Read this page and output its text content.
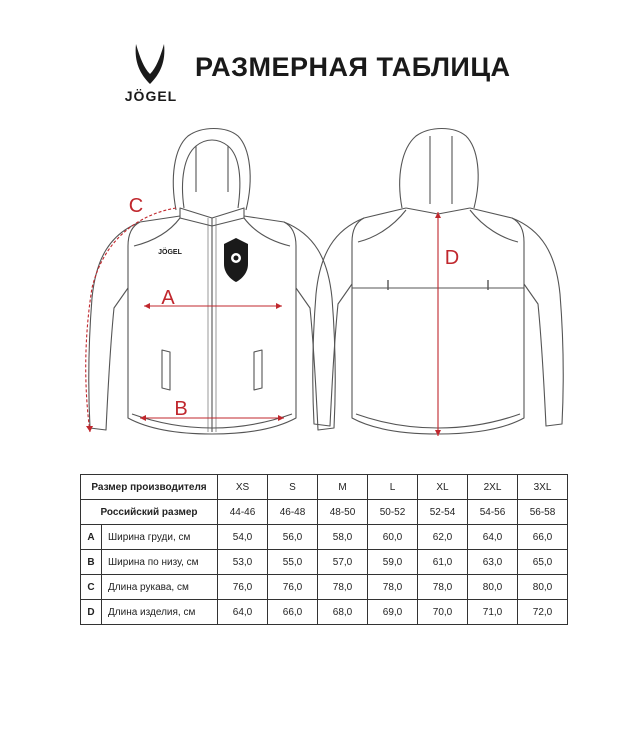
JÖGEL
РАЗМЕРНАЯ ТАБЛИЦА
JÖGEL
A
B
C
D
Размер производителя		XS	S	M	L	XL	2XL	3XL
Российский размер		44-46	46-48	48-50	50-52	52-54	54-56	56-58
A	Ширина груди, см	54,0	56,0	58,0	60,0	62,0	64,0	66,0
B	Ширина по низу, см	53,0	55,0	57,0	59,0	61,0	63,0	65,0
C	Длина рукава, см	76,0	76,0	78,0	78,0	78,0	80,0	80,0
D	Длина изделия, см	64,0	66,0	68,0	69,0	70,0	71,0	72,0
